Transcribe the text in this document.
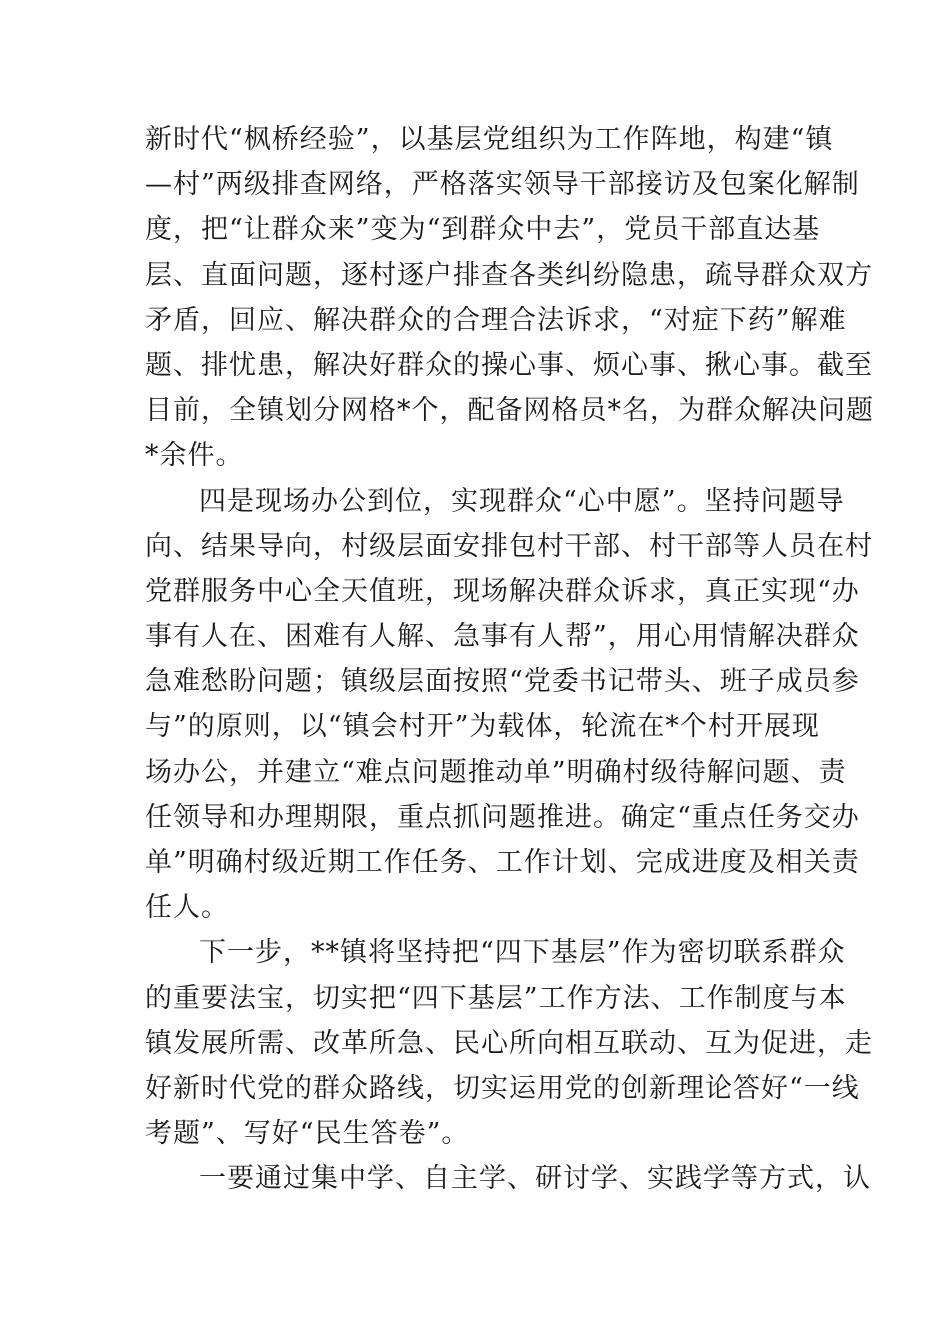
新时代“枫桥经验”，以基层党组织为工作阵地，构建“镇
—村”两级排查网络，严格落实领导干部接访及包案化解制
度，把“让群众来”变为“到群众中去”，党员干部直达基
层、直面问题，逐村逐户排查各类纠纷隐患，疏导群众双方
矛盾，回应、解决群众的合理合法诉求，“对症下药”解难
题、排忧患，解决好群众的操心事、烦心事、揪心事。截至
目前，全镇划分网格*个，配备网格员*名，为群众解决问题
*余件。
四是现场办公到位，实现群众“心中愿”。坚持问题导
向、结果导向，村级层面安排包村干部、村干部等人员在村
党群服务中心全天值班，现场解决群众诉求，真正实现“办
事有人在、困难有人解、急事有人帮”，用心用情解决群众
急难愁盼问题；镇级层面按照“党委书记带头、班子成员参
与”的原则，以“镇会村开”为载体，轮流在*个村开展现
场办公，并建立“难点问题推动单”明确村级待解问题、责
任领导和办理期限，重点抓问题推进。确定“重点任务交办
单”明确村级近期工作任务、工作计划、完成进度及相关责
任人。
下一步，**镇将坚持把“四下基层”作为密切联系群众
的重要法宝，切实把“四下基层”工作方法、工作制度与本
镇发展所需、改革所急、民心所向相互联动、互为促进，走
好新时代党的群众路线，切实运用党的创新理论答好“一线
考题”、写好“民生答卷”。
一要通过集中学、自主学、研讨学、实践学等方式，认
